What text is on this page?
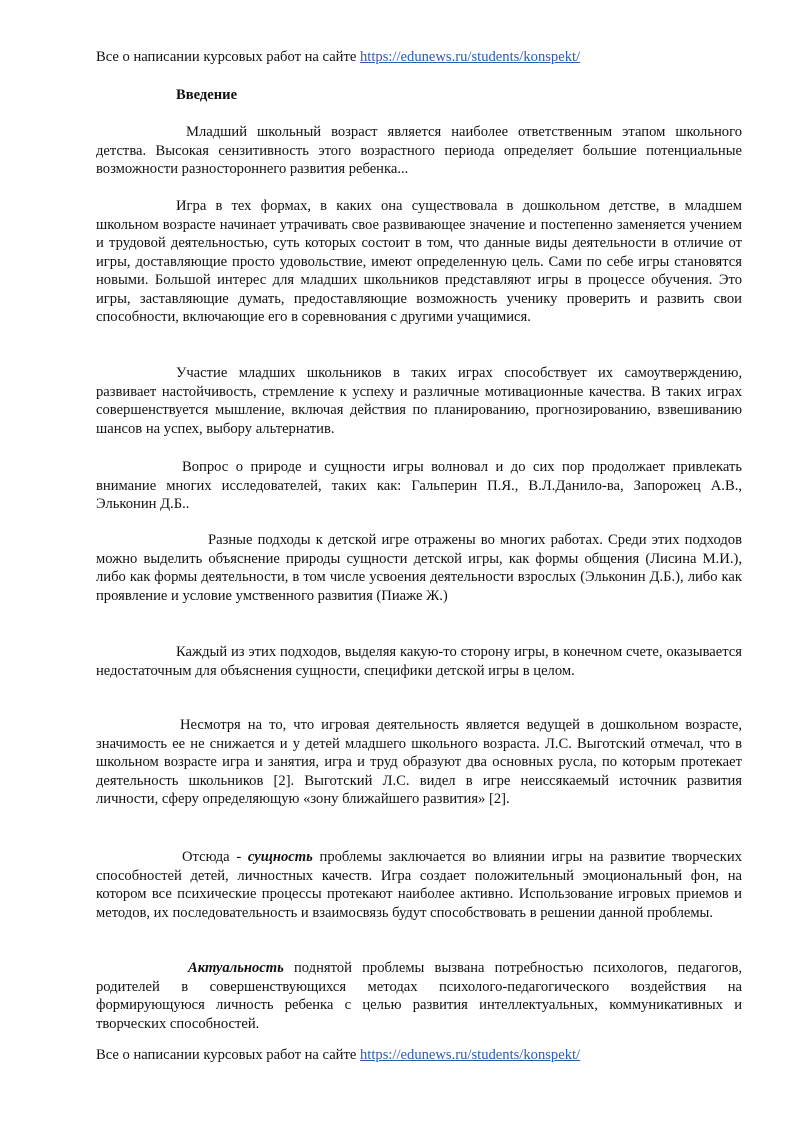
Все о написании курсовых работ на сайте https://edunews.ru/students/konspekt/
Введение

Младший школьный возраст является наиболее ответственным этапом школьного детства. Высокая сензитивность этого возрастного периода определяет большие потенциальные возможности разностороннего развития ребенка...

Игра в тех формах, в каких она существовала в дошкольном детстве, в младшем школьном возрасте начинает утрачивать свое развивающее значение и постепенно заменяется учением и трудовой деятельностью, суть которых состоит в том, что данные виды деятельности в отличие от игры, доставляющие просто удовольствие, имеют определенную цель. Сами по себе игры становятся новыми. Большой интерес для младших школьников представляют игры в процессе обучения. Это игры, заставляющие думать, предоставляющие возможность ученику проверить и развить свои способности, включающие его в соревнования с другими учащимися.

Участие младших школьников в таких играх способствует их самоутверждению, развивает настойчивость, стремление к успеху и различные мотивационные качества. В таких играх совершенствуется мышление, включая действия по планированию, прогнозированию, взвешиванию шансов на успех, выбору альтернатив.

Вопрос о природе и сущности игры волновал и до сих пор продолжает привлекать внимание многих исследователей, таких как: Гальперин П.Я., В.Л.Данило-ва, Запорожец А.В., Эльконин Д.Б..

Разные подходы к детской игре отражены во многих работах. Среди этих подходов можно выделить объяснение природы сущности детской игры, как формы общения (Лисина М.И.), либо как формы деятельности, в том числе усвоения деятельности взрослых (Эльконин Д.Б.), либо как проявление и условие умственного развития (Пиаже Ж.)

Каждый из этих подходов, выделяя какую-то сторону игры, в конечном счете, оказывается недостаточным для объяснения сущности, специфики детской игры в целом.

Несмотря на то, что игровая деятельность является ведущей в дошкольном возрасте, значимость ее не снижается и у детей младшего школьного возраста. Л.С. Выготский отмечал, что в школьном возрасте игра и занятия, игра и труд образуют два основных русла, по которым протекает деятельность школьников [2]. Выготский Л.С. видел в игре неиссякаемый источник развития личности, сферу определяющую «зону ближайшего развития» [2].

Отсюда - сущность проблемы заключается во влиянии игры на развитие творческих способностей детей, личностных качеств. Игра создает положительный эмоциональный фон, на котором все психические процессы протекают наиболее активно. Использование игровых приемов и методов, их последовательность и взаимосвязь будут способствовать в решении данной проблемы.

Актуальность поднятой проблемы вызвана потребностью психологов, педагогов, родителей в совершенствующихся методах психолого-педагогического воздействия на формирующуюся личность ребенка с целью развития интеллектуальных, коммуникативных и творческих способностей.

Все о написании курсовых работ на сайте https://edunews.ru/students/konspekt/
